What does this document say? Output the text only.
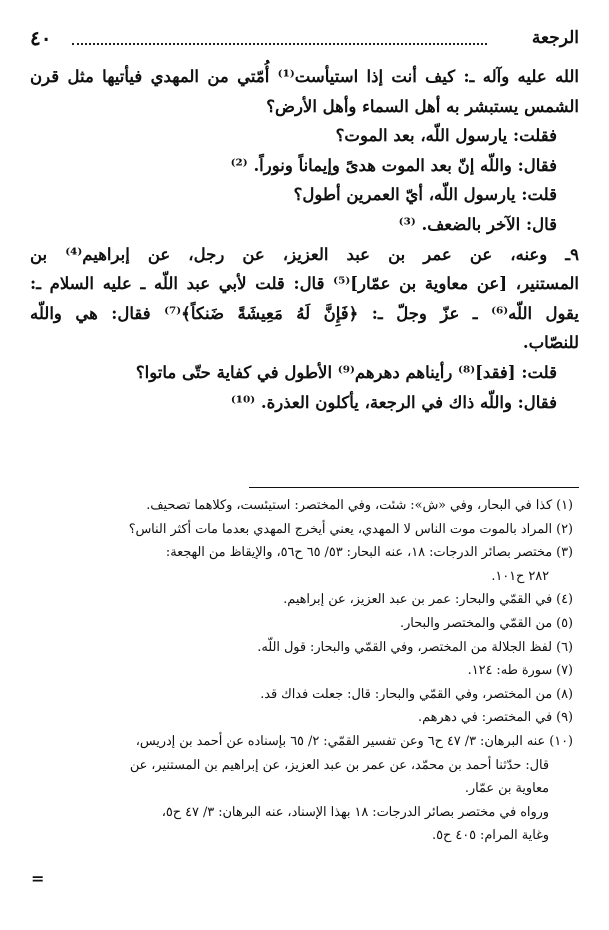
الرجعة
٤٠
الله عليه وآله ـ: كيف أنت إذا استيأست⁽¹⁾ أُمّتي من المهدي فيأتيها مثل قرن
الشمس يستبشر به أهل السماء وأهل الأرض؟
فقلت: يارسول اللّه، بعد الموت؟
فقال: واللّه إنّ بعد الموت هدىً وإيماناً ونوراً. ⁽²⁾
قلت: يارسول اللّه، أيّ العمرين أطول؟
قال: الآخر بالضعف. ⁽³⁾
٩ـ وعنه، عن عمر بن عبد العزيز، عن رجل، عن إبراهيم⁽⁴⁾ بن
المستنير، [عن معاوية بن عمّار]⁽⁵⁾ قال: قلت لأبي عبد اللّه ـ عليه السلام ـ:
يقول اللّه⁽⁶⁾ ـ عزّ وجلّ ـ: ﴿فَإِنَّ لَهُ مَعِيشَةً ضَنكاً﴾⁽⁷⁾ فقال: هي واللّه
للنصّاب.
قلت: [فقد]⁽⁸⁾ رأيناهم دهرهم⁽⁹⁾ الأطول في كفاية حتّى ماتوا؟
فقال: واللّه ذاك في الرجعة، يأكلون العذرة. ⁽¹⁰⁾
(١) كذا في البحار، وفي «ش»: شئت، وفي المختصر: استيئست، وكلاهما تصحيف.
(٢) المراد بالموت موت الناس لا المهدي، يعني أيخرج المهدي بعدما مات أكثر الناس؟
(٣) مختصر بصائر الدرجات: ١٨، عنه البحار: ٥٣/ ٦٥ ح٥٦، والإيقاظ من الهجعة:
٢٨٢ ح١٠١.
(٤) في القمّي والبحار: عمر بن عبد العزيز، عن إبراهيم.
(٥) من القمّي والمختصر والبحار.
(٦) لفظ الجلالة من المختصر، وفي القمّي والبحار: قول اللّه.
(٧) سورة طه: ١٢٤.
(٨) من المختصر، وفي القمّي والبحار: قال: جعلت فداك قد.
(٩) في المختصر: في دهرهم.
(١٠) عنه البرهان: ٣/ ٤٧ ح٦ وعن تفسير القمّي: ٢/ ٦٥ بإسناده عن أحمد بن إدريس،
قال: حدّثنا أحمد بن محمّد، عن عمر بن عبد العزيز، عن إبراهيم بن المستنير، عن
معاوية بن عمّار.
ورواه في مختصر بصائر الدرجات: ١٨ بهذا الإسناد، عنه البرهان: ٣/ ٤٧ ح٥،
وغاية المرام: ٤٠٥ ح٥.
=
